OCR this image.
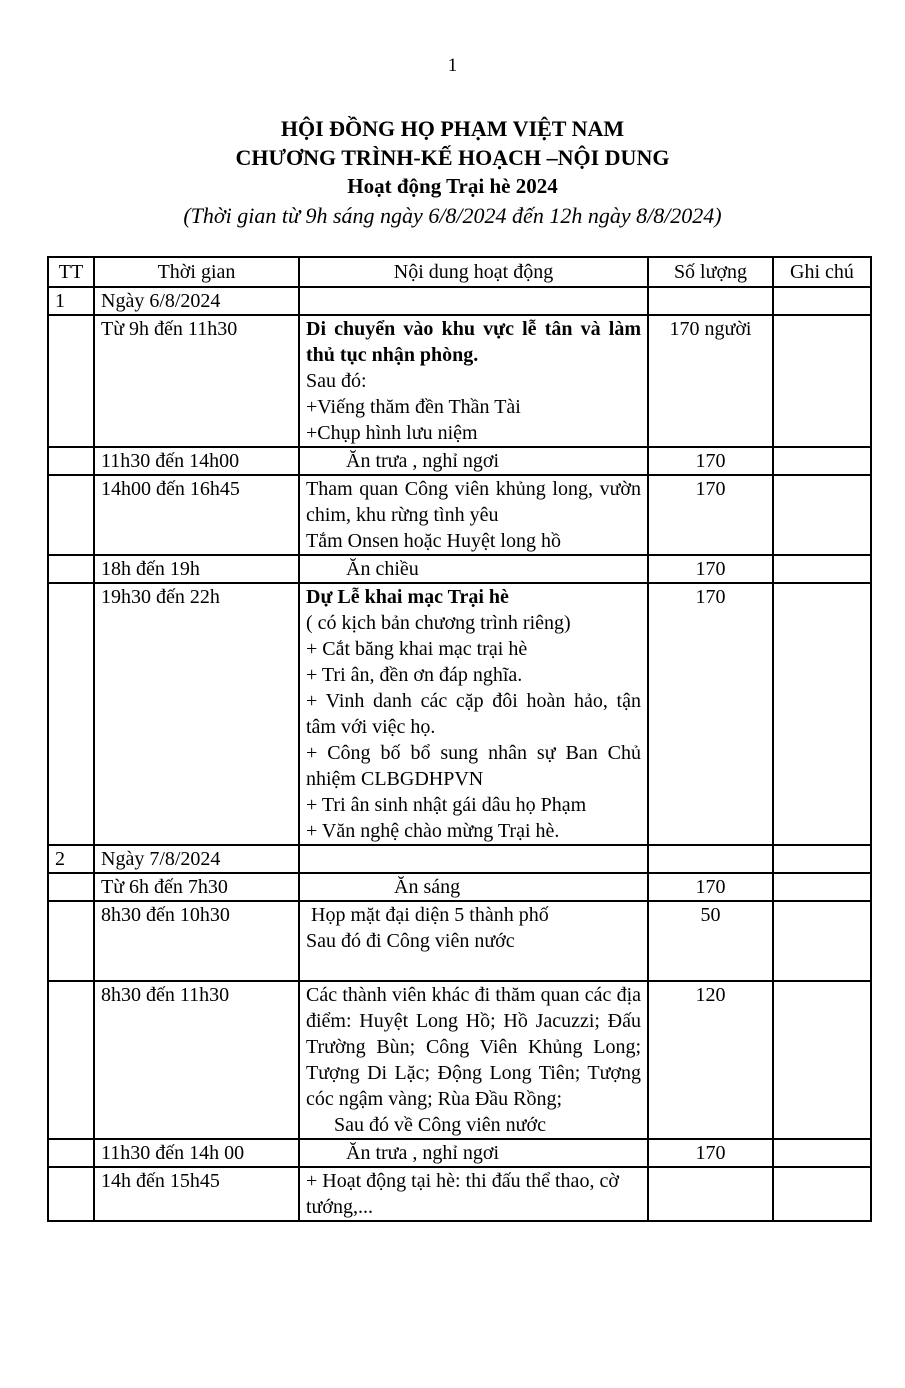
1
HỘI ĐỒNG HỌ PHẠM VIỆT NAM
CHƯƠNG TRÌNH-KẾ HOẠCH –NỘI DUNG
Hoạt động Trại hè 2024
(Thời gian từ 9h sáng ngày 6/8/2024 đến 12h ngày 8/8/2024)
TT	Thời gian	Nội dung hoạt động	Số lượng	Ghi chú
1	Ngày 6/8/2024			
	Từ 9h đến 11h30	Di chuyển vào khu vực lễ tân và làm thủ tục nhận phòng.
Sau đó:
+Viếng thăm đền Thần Tài
+Chụp hình lưu niệm	170 người	
	11h30 đến 14h00	Ăn trưa , nghỉ ngơi	170	
	14h00 đến 16h45	Tham quan Công viên khủng long, vườn chim, khu rừng tình yêu
Tắm Onsen hoặc Huyệt long hồ	170	
	18h đến 19h	Ăn chiều	170	
	19h30 đến 22h	Dự Lễ khai mạc Trại hè
( có kịch bản chương trình riêng)
+ Cắt băng khai mạc trại hè
+ Tri ân, đền ơn đáp nghĩa.
+ Vinh danh các cặp đôi hoàn hảo, tận tâm với việc họ.
+ Công bố bổ sung nhân sự Ban Chủ nhiệm CLBGDHPVN
+ Tri ân sinh nhật gái dâu họ Phạm
+ Văn nghệ chào mừng Trại hè.
	170	
2	Ngày 7/8/2024			
	Từ 6h đến 7h30	Ăn sáng	170	
	8h30 đến 10h30	Họp mặt đại diện 5 thành phố
Sau đó đi Công viên nước	50	
	8h30 đến 11h30	Các thành viên khác đi thăm quan các địa điểm: Huyệt Long Hồ; Hồ Jacuzzi; Đấu Trường Bùn; Công Viên Khủng Long; Tượng Di Lặc; Động Long Tiên; Tượng cóc ngậm vàng; Rùa Đầu Rồng;
Sau đó về Công viên nước	120	
	11h30 đến 14h 00	Ăn trưa , nghỉ ngơi	170	
	14h đến 15h45	+ Hoạt động tại hè: thi đấu thể thao, cờ tướng,...		
